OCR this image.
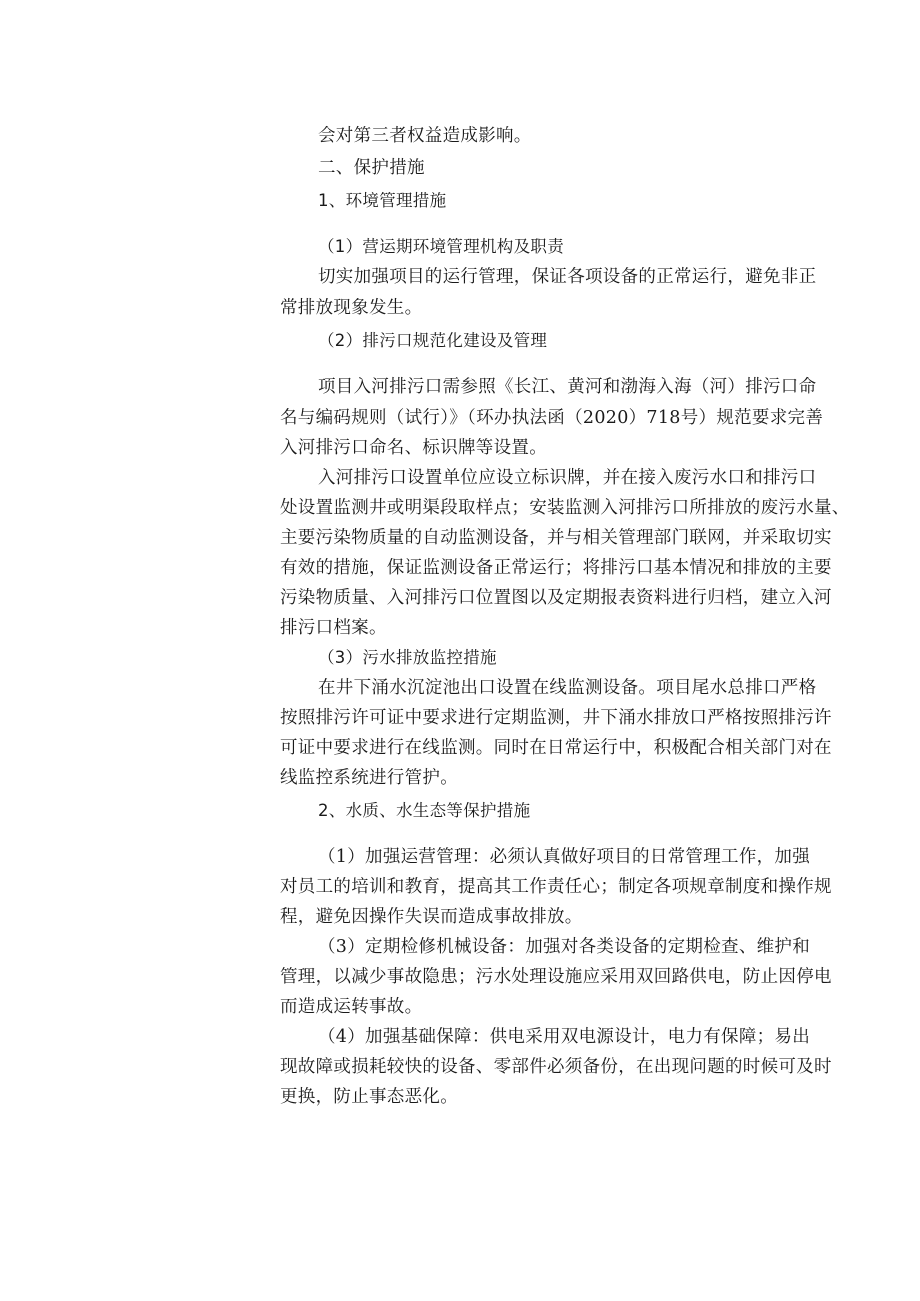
会对第三者权益造成影响。
二、保护措施
1、环境管理措施
（1）营运期环境管理机构及职责
切实加强项目的运行管理，保证各项设备的正常运行，避免非正
常排放现象发生。
（2）排污口规范化建设及管理
项目入河排污口需参照《长江、黄河和渤海入海（河）排污口命
名与编码规则（试行）》（环办执法函（2020）718号）规范要求完善
入河排污口命名、标识牌等设置。
入河排污口设置单位应设立标识牌，并在接入废污水口和排污口
处设置监测井或明渠段取样点；安装监测入河排污口所排放的废污水量、
主要污染物质量的自动监测设备，并与相关管理部门联网，并采取切实
有效的措施，保证监测设备正常运行；将排污口基本情况和排放的主要
污染物质量、入河排污口位置图以及定期报表资料进行归档，建立入河
排污口档案。
（3）污水排放监控措施
在井下涌水沉淀池出口设置在线监测设备。项目尾水总排口严格
按照排污许可证中要求进行定期监测，井下涌水排放口严格按照排污许
可证中要求进行在线监测。同时在日常运行中，积极配合相关部门对在
线监控系统进行管护。
2、水质、水生态等保护措施
（1）加强运营管理：必须认真做好项目的日常管理工作，加强
对员工的培训和教育，提高其工作责任心；制定各项规章制度和操作规
程，避免因操作失误而造成事故排放。
（3）定期检修机械设备：加强对各类设备的定期检查、维护和
管理，以减少事故隐患；污水处理设施应采用双回路供电，防止因停电
而造成运转事故。
（4）加强基础保障：供电采用双电源设计，电力有保障；易出
现故障或损耗较快的设备、零部件必须备份，在出现问题的时候可及时
更换，防止事态恶化。
